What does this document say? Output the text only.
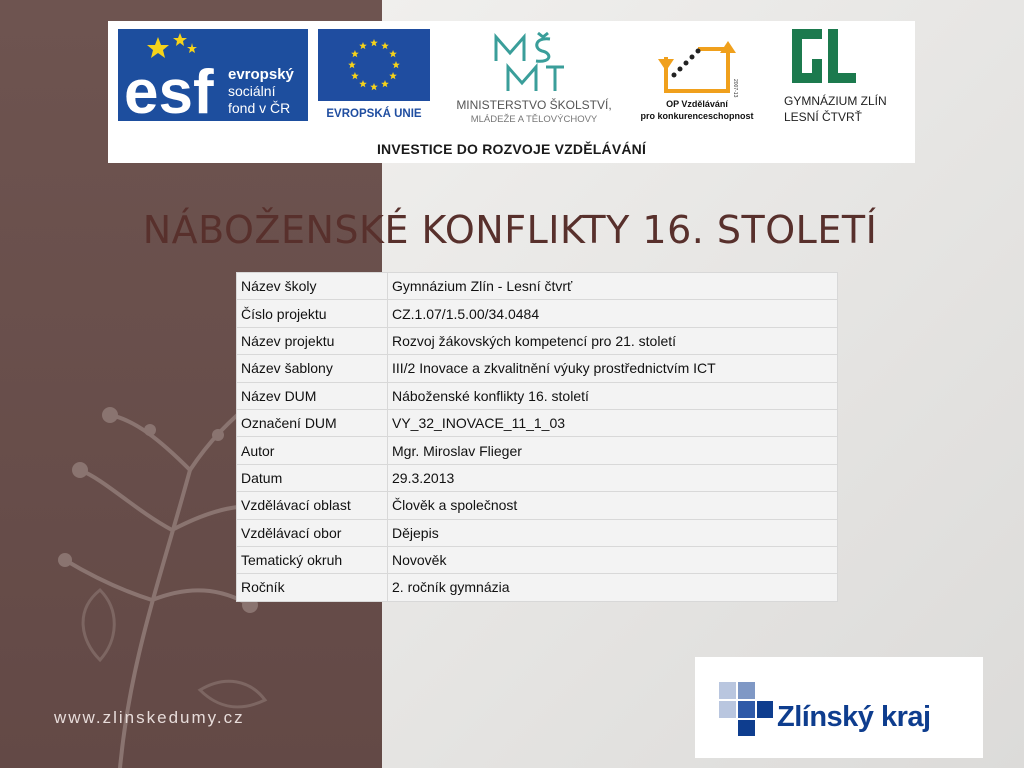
esf evropský
sociální
fond v ČR	EVROPSKÁ UNIE
MINISTERSTVO ŠKOLSTVÍ,
MLÁDEŽE A TĚLOVÝCHOVY
2007-13
OP Vzdělávání
pro konkurenceschopnost
GYMNÁZIUM ZLÍN
LESNÍ ČTVRŤ
INVESTICE DO ROZVOJE VZDĚLÁVÁNÍ
NÁBOŽENSKÉ KONFLIKTY 16. STOLETÍ
Název školy	Gymnázium Zlín - Lesní čtvrť
Číslo projektu	CZ.1.07/1.5.00/34.0484
Název projektu	Rozvoj žákovských kompetencí pro 21. století
Název šablony	III/2 Inovace a zkvalitnění výuky prostřednictvím ICT
Název DUM	Náboženské konflikty 16. století
Označení DUM	VY_32_INOVACE_11_1_03
Autor	Mgr. Miroslav Flieger
Datum	29.3.2013
Vzdělávací oblast	Člověk a společnost
Vzdělávací obor	Dějepis
Tematický okruh	Novověk
Ročník	2. ročník gymnázia
www.zlinskedumy.cz	Zlínský kraj
